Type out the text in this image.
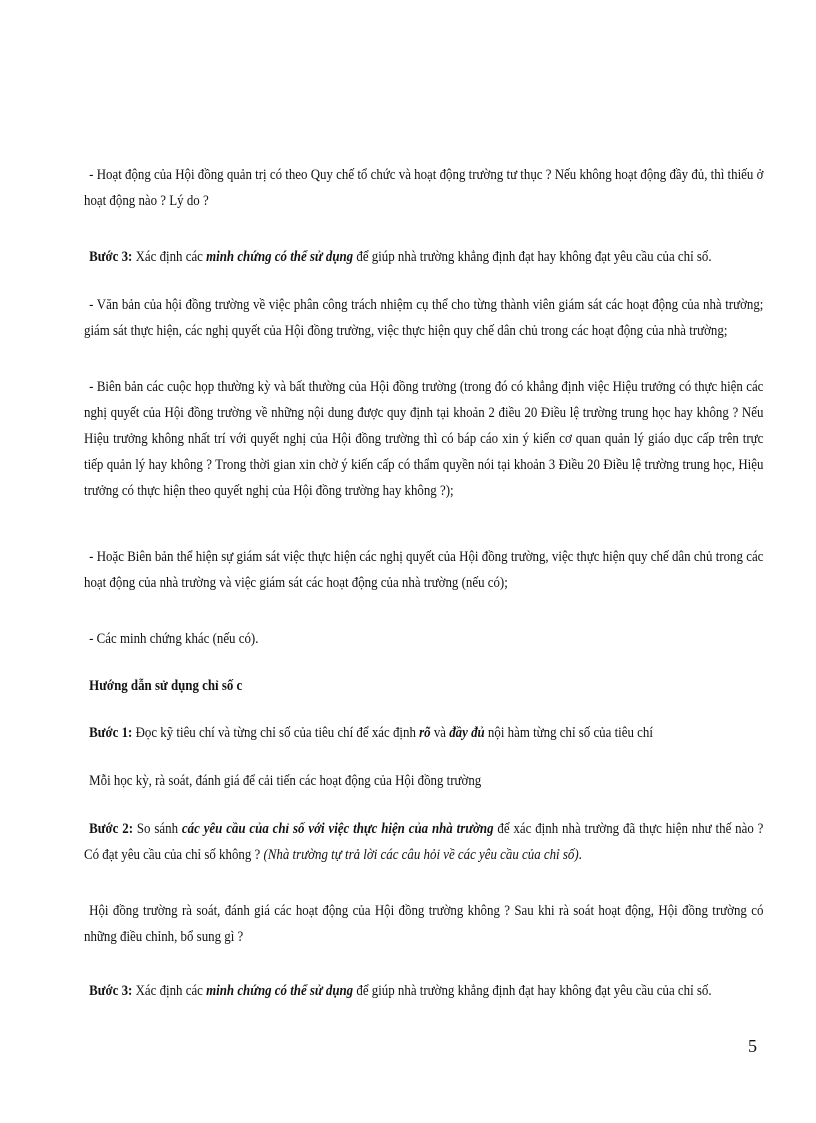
- Hoạt động của Hội đồng quản trị có theo Quy chế tổ chức và hoạt động trường tư thục ? Nếu không hoạt động đầy đủ, thì thiếu ở hoạt động nào ? Lý do ?
Bước 3: Xác định các minh chứng có thể sử dụng để giúp nhà trường khẳng định đạt hay không đạt yêu cầu của chỉ số.
- Văn bản của hội đồng trường về việc phân công trách nhiệm cụ thể cho từng thành viên giám sát các hoạt động của nhà trường; giám sát thực hiện, các nghị quyết của Hội đồng trường, việc thực hiện quy chế dân chủ trong các hoạt động của nhà trường;
- Biên bản các cuộc họp thường kỳ và bất thường của Hội đồng trường (trong đó có khẳng định việc Hiệu trưởng có thực hiện các nghị quyết của Hội đồng trường về những nội dung được quy định tại khoản 2 điều 20 Điều lệ trường trung học hay không ? Nếu Hiệu trưởng không nhất trí với quyết nghị của Hội đồng trường thì có báp cáo xin ý kiến cơ quan quản lý giáo dục cấp trên trực tiếp quản lý hay không ? Trong thời gian xin chờ ý kiến cấp có thẩm quyền nói tại khoản 3 Điều 20 Điều lệ trường trung học, Hiệu trưởng có thực hiện theo quyết nghị của Hội đồng trường hay không ?);
- Hoặc Biên bản thể hiện sự giám sát việc thực hiện các nghị quyết của Hội đồng trường, việc thực hiện quy chế dân chủ trong các hoạt động của nhà trường và việc giám sát các hoạt động của nhà trường (nếu có);
- Các minh chứng khác (nếu có).
Hướng dẫn sử dụng chỉ số c
Bước 1: Đọc kỹ tiêu chí và từng chỉ số của tiêu chí để xác định rõ và đầy đủ nội hàm từng chỉ số của tiêu chí
Mỗi học kỳ, rà soát, đánh giá để cải tiến các hoạt động của Hội đồng trường
Bước 2: So sánh các yêu cầu của chỉ số với việc thực hiện của nhà trường để xác định nhà trường đã thực hiện như thế nào ? Có đạt yêu cầu của chỉ số không ? (Nhà trường tự trả lời các câu hỏi về các yêu cầu của chỉ số).
Hội đồng trường rà soát, đánh giá các hoạt động của Hội đồng trường không ? Sau khi rà soát hoạt động, Hội đồng trường có những điều chỉnh, bổ sung gì ?
Bước 3: Xác định các minh chứng có thể sử dụng để giúp nhà trường khẳng định đạt hay không đạt yêu cầu của chỉ số.
5
